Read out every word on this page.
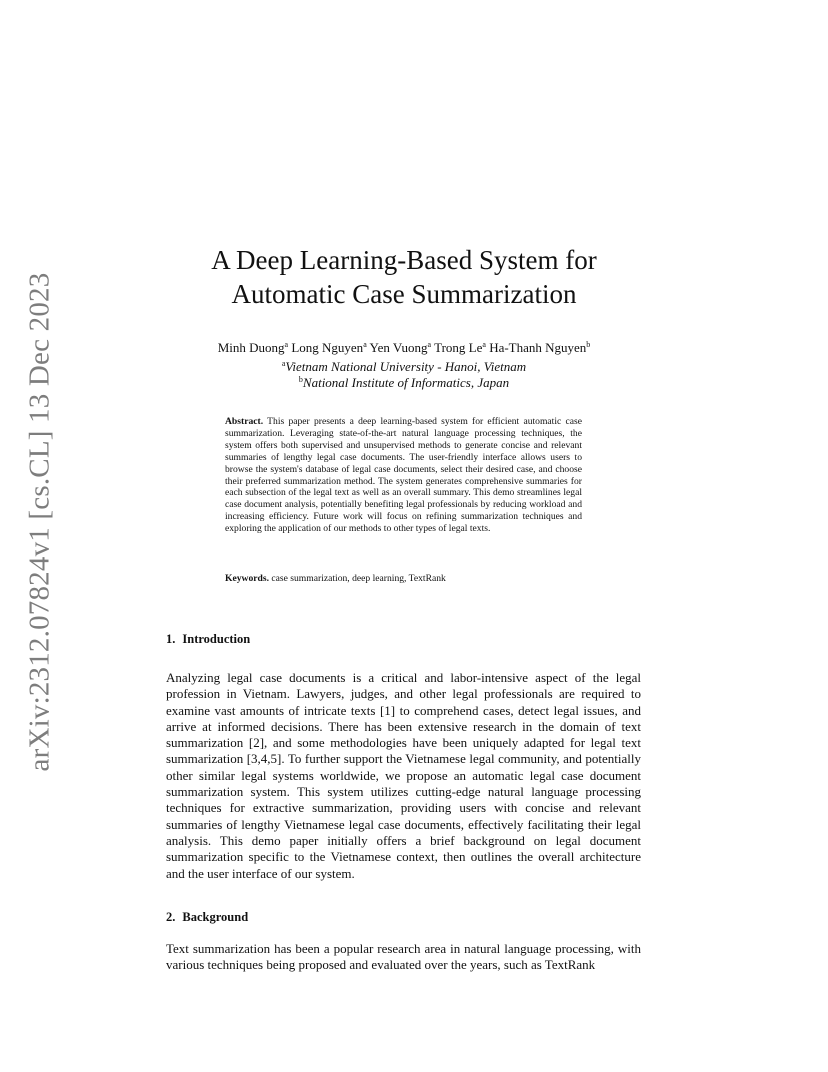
arXiv:2312.07824v1 [cs.CL] 13 Dec 2023
A Deep Learning-Based System for
Automatic Case Summarization
Minh Duong$^a$ Long Nguyen$^a$ Yen Vuong$^a$ Trong Le$^a$ Ha-Thanh Nguyen$^b$
$^a$Vietnam National University - Hanoi, Vietnam
$^b$National Institute of Informatics, Japan

Abstract. This paper presents a deep learning-based system for efficient automatic case summarization. Leveraging state-of-the-art natural language processing techniques, the system offers both supervised and unsupervised methods to generate concise and relevant summaries of lengthy legal case documents. The user-friendly interface allows users to browse the system's database of legal case documents, select their desired case, and choose their preferred summarization method. The system generates comprehensive summaries for each subsection of the legal text as well as an overall summary. This demo streamlines legal case document analysis, potentially benefiting legal professionals by reducing workload and increasing efficiency. Future work will focus on refining summarization techniques and exploring the application of our methods to other types of legal texts.

Keywords. case summarization, deep learning, TextRank

1. Introduction

Analyzing legal case documents is a critical and labor-intensive aspect of the legal profession in Vietnam. Lawyers, judges, and other legal professionals are required to examine vast amounts of intricate texts [1] to comprehend cases, detect legal issues, and arrive at informed decisions. There has been extensive research in the domain of text summarization [2], and some methodologies have been uniquely adapted for legal text summarization [3,4,5]. To further support the Vietnamese legal community, and potentially other similar legal systems worldwide, we propose an automatic legal case document summarization system. This system utilizes cutting-edge natural language processing techniques for extractive summarization, providing users with concise and relevant summaries of lengthy Vietnamese legal case documents, effectively facilitating their legal analysis. This demo paper initially offers a brief background on legal document summarization specific to the Vietnamese context, then outlines the overall architecture and the user interface of our system.

2. Background

Text summarization has been a popular research area in natural language processing, with various techniques being proposed and evaluated over the years, such as TextRank
